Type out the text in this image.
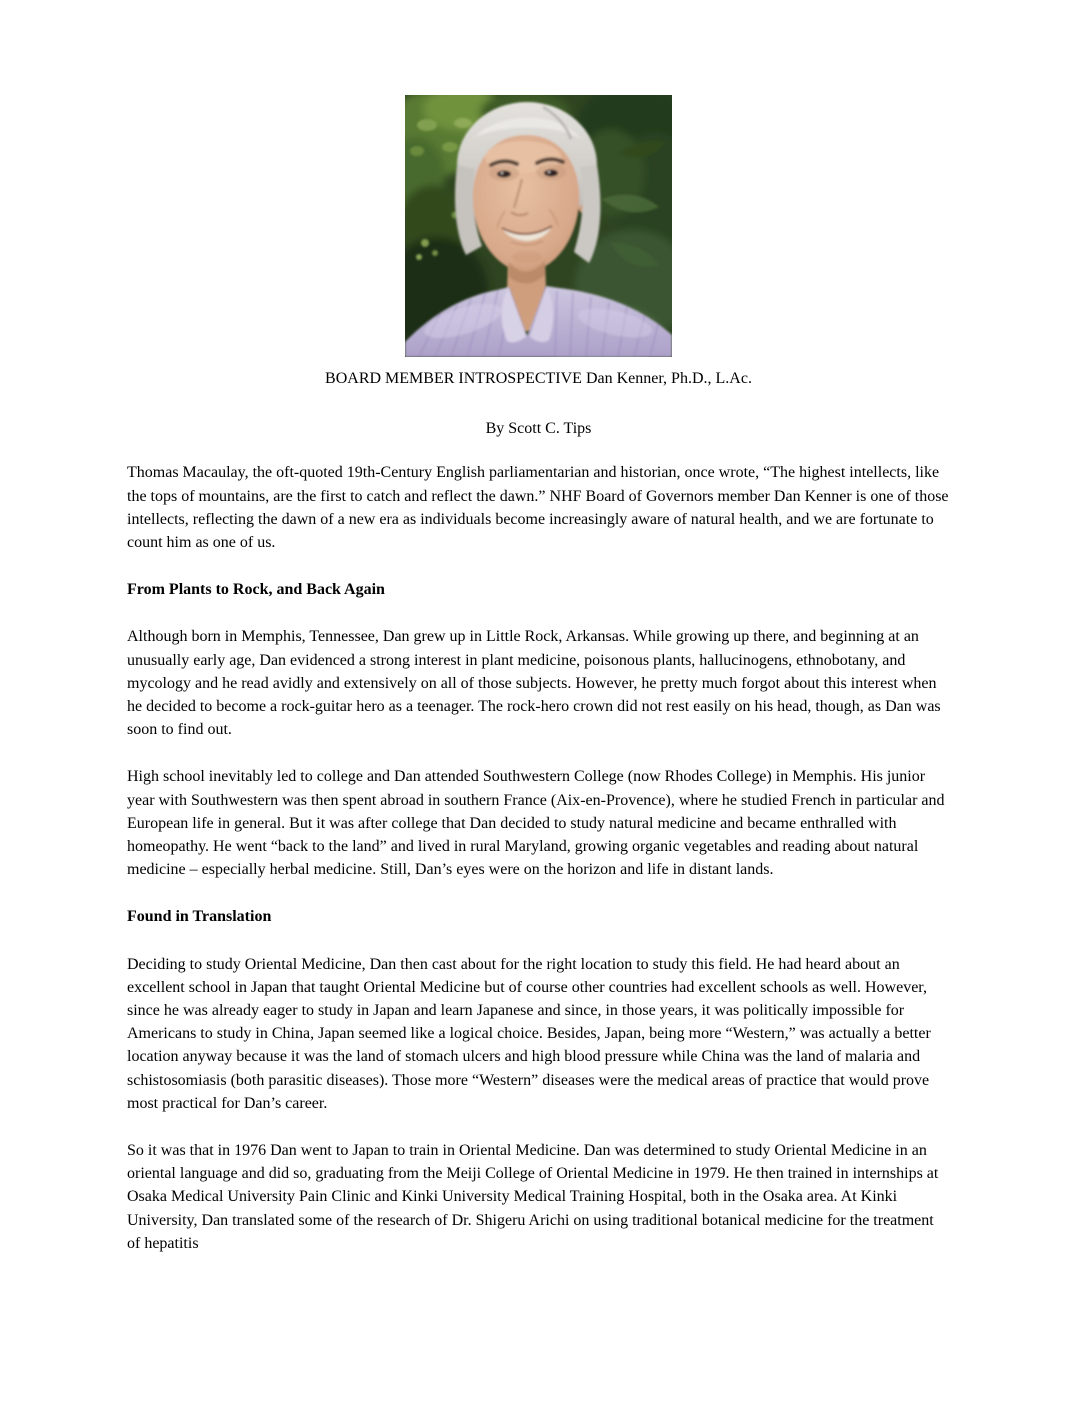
BOARD MEMBER INTROSPECTIVE Dan Kenner, Ph.D., L.Ac.

By Scott C. Tips

Thomas Macaulay, the oft-quoted 19th-Century English parliamentarian and historian, once wrote, “The highest intellects, like the tops of mountains, are the first to catch and reflect the dawn.” NHF Board of Governors member Dan Kenner is one of those intellects, reflecting the dawn of a new era as individuals become increasingly aware of natural health, and we are fortunate to count him as one of us.

From Plants to Rock, and Back Again

Although born in Memphis, Tennessee, Dan grew up in Little Rock, Arkansas. While growing up there, and beginning at an unusually early age, Dan evidenced a strong interest in plant medicine, poisonous plants, hallucinogens, ethnobotany, and mycology and he read avidly and extensively on all of those subjects. However, he pretty much forgot about this interest when he decided to become a rock-guitar hero as a teenager. The rock-hero crown did not rest easily on his head, though, as Dan was soon to find out.

High school inevitably led to college and Dan attended Southwestern College (now Rhodes College) in Memphis. His junior year with Southwestern was then spent abroad in southern France (Aix-en-Provence), where he studied French in particular and European life in general. But it was after college that Dan decided to study natural medicine and became enthralled with homeopathy. He went “back to the land” and lived in rural Maryland, growing organic vegetables and reading about natural medicine – especially herbal medicine. Still, Dan’s eyes were on the horizon and life in distant lands.

Found in Translation

Deciding to study Oriental Medicine, Dan then cast about for the right location to study this field. He had heard about an excellent school in Japan that taught Oriental Medicine but of course other countries had excellent schools as well. However, since he was already eager to study in Japan and learn Japanese and since, in those years, it was politically impossible for Americans to study in China, Japan seemed like a logical choice. Besides, Japan, being more “Western,” was actually a better location anyway because it was the land of stomach ulcers and high blood pressure while China was the land of malaria and schistosomiasis (both parasitic diseases). Those more “Western” diseases were the medical areas of practice that would prove most practical for Dan’s career.

So it was that in 1976 Dan went to Japan to train in Oriental Medicine. Dan was determined to study Oriental Medicine in an oriental language and did so, graduating from the Meiji College of Oriental Medicine in 1979. He then trained in internships at Osaka Medical University Pain Clinic and Kinki University Medical Training Hospital, both in the Osaka area. At Kinki University, Dan translated some of the research of Dr. Shigeru Arichi on using traditional botanical medicine for the treatment of hepatitis
